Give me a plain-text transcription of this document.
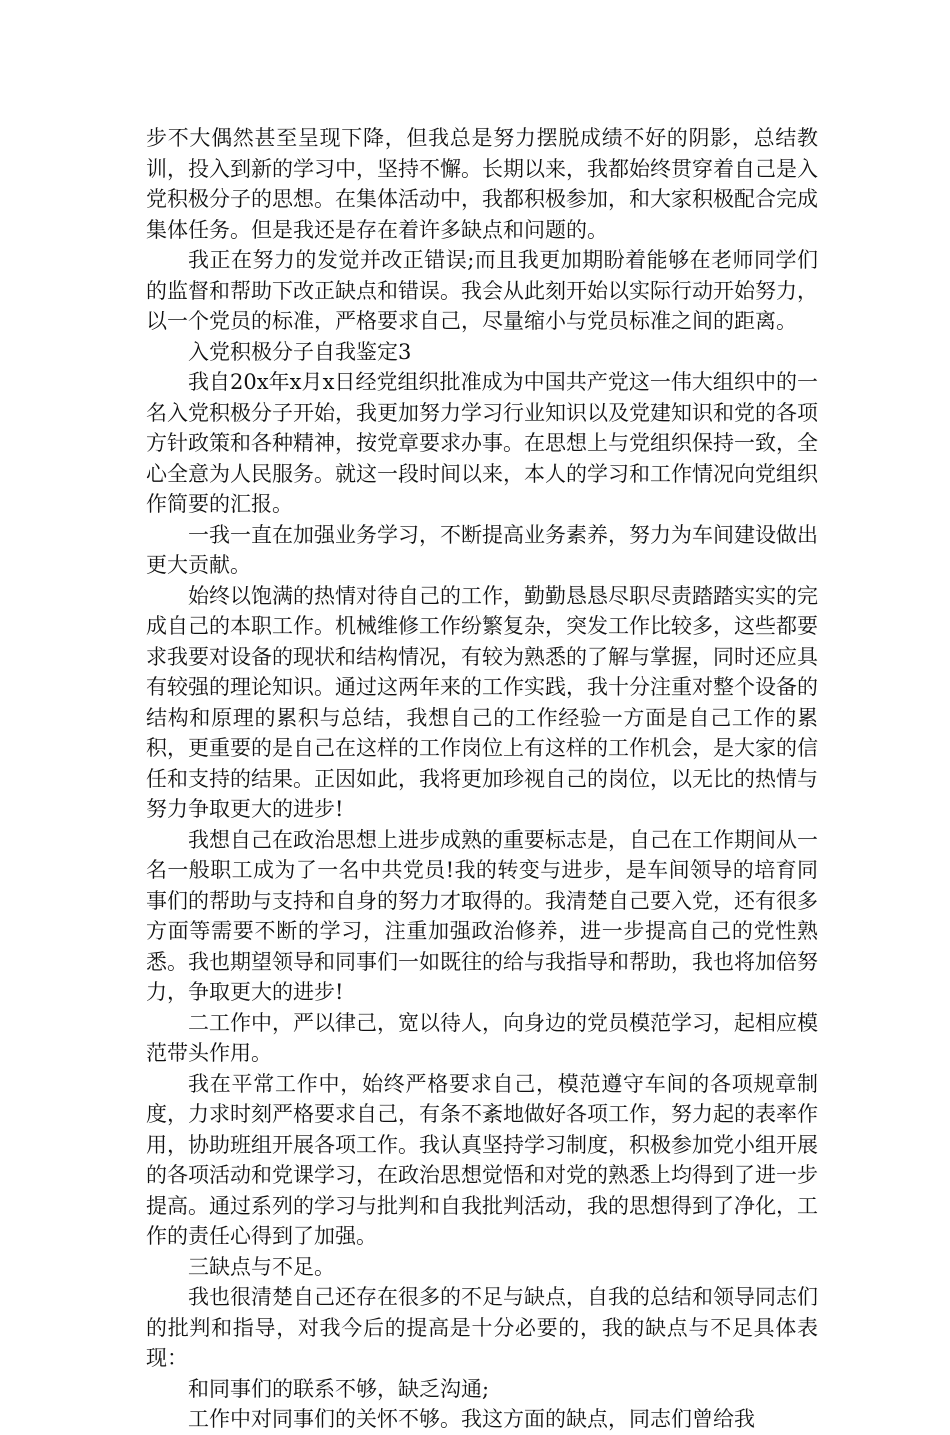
步不大偶然甚至呈现下降，但我总是努力摆脱成绩不好的阴影，总结教训，投入到新的学习中，坚持不懈。长期以来，我都始终贯穿着自己是入党积极分子的思想。在集体活动中，我都积极参加，和大家积极配合完成集体任务。但是我还是存在着许多缺点和问题的。

我正在努力的发觉并改正错误;而且我更加期盼着能够在老师同学们的监督和帮助下改正缺点和错误。我会从此刻开始以实际行动开始努力，以一个党员的标准，严格要求自己，尽量缩小与党员标准之间的距离。

入党积极分子自我鉴定3

我自20x年x月x日经党组织批准成为中国共产党这一伟大组织中的一名入党积极分子开始，我更加努力学习行业知识以及党建知识和党的各项方针政策和各种精神，按党章要求办事。在思想上与党组织保持一致，全心全意为人民服务。就这一段时间以来，本人的学习和工作情况向党组织作简要的汇报。

一我一直在加强业务学习，不断提高业务素养，努力为车间建设做出更大贡献。

始终以饱满的热情对待自己的工作，勤勤恳恳尽职尽责踏踏实实的完成自己的本职工作。机械维修工作纷繁复杂，突发工作比较多，这些都要求我要对设备的现状和结构情况，有较为熟悉的了解与掌握，同时还应具有较强的理论知识。通过这两年来的工作实践，我十分注重对整个设备的结构和原理的累积与总结，我想自己的工作经验一方面是自己工作的累积，更重要的是自己在这样的工作岗位上有这样的工作机会，是大家的信任和支持的结果。正因如此，我将更加珍视自己的岗位，以无比的热情与努力争取更大的进步!

我想自己在政治思想上进步成熟的重要标志是，自己在工作期间从一名一般职工成为了一名中共党员!我的转变与进步，是车间领导的培育同事们的帮助与支持和自身的努力才取得的。我清楚自己要入党，还有很多方面等需要不断的学习，注重加强政治修养，进一步提高自己的党性熟悉。我也期望领导和同事们一如既往的给与我指导和帮助，我也将加倍努力，争取更大的进步!

二工作中，严以律己，宽以待人，向身边的党员模范学习，起相应模范带头作用。

我在平常工作中，始终严格要求自己，模范遵守车间的各项规章制度，力求时刻严格要求自己，有条不紊地做好各项工作，努力起的表率作用，协助班组开展各项工作。我认真坚持学习制度，积极参加党小组开展的各项活动和党课学习，在政治思想觉悟和对党的熟悉上均得到了进一步提高。通过系列的学习与批判和自我批判活动，我的思想得到了净化，工作的责任心得到了加强。

三缺点与不足。

我也很清楚自己还存在很多的不足与缺点，自我的总结和领导同志们的批判和指导，对我今后的提高是十分必要的，我的缺点与不足具体表现：

和同事们的联系不够，缺乏沟通;

工作中对同事们的关怀不够。我这方面的缺点，同志们曾给我
